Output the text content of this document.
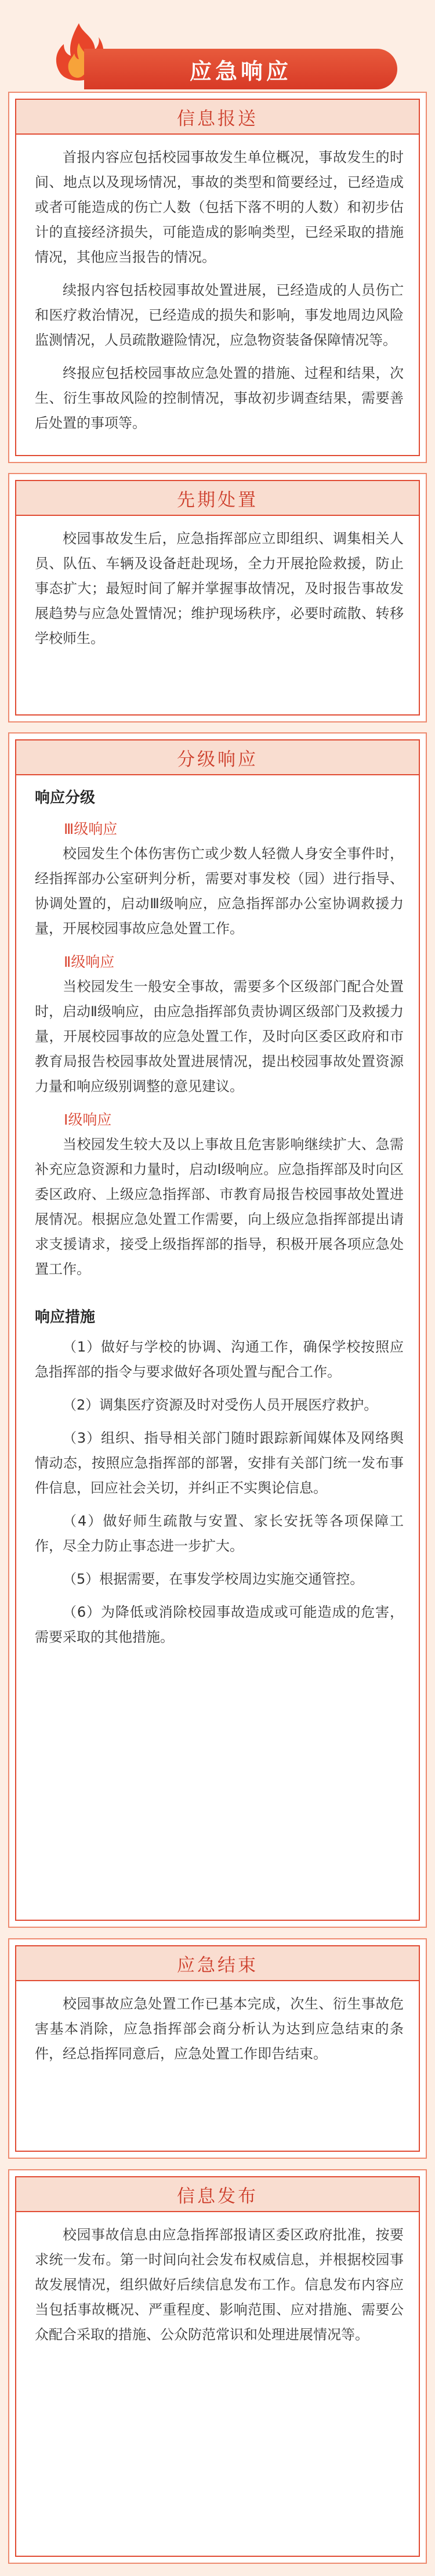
应急响应
信息报送

首报内容应包括校园事故发生单位概况，事故发生的时间、地点以及现场情况，事故的类型和简要经过，已经造成或者可能造成的伤亡人数（包括下落不明的人数）和初步估计的直接经济损失，可能造成的影响类型，已经采取的措施情况，其他应当报告的情况。

续报内容包括校园事故处置进展，已经造成的人员伤亡和医疗救治情况，已经造成的损失和影响，事发地周边风险监测情况，人员疏散避险情况，应急物资装备保障情况等。

终报应包括校园事故应急处置的措施、过程和结果，次生、衍生事故风险的控制情况，事故初步调查结果，需要善后处置的事项等。

先期处置

校园事故发生后，应急指挥部应立即组织、调集相关人员、队伍、车辆及设备赶赴现场，全力开展抢险救援，防止事态扩大；最短时间了解并掌握事故情况，及时报告事故发展趋势与应急处置情况；维护现场秩序，必要时疏散、转移学校师生。

分级响应
响应分级
Ⅲ级响应

校园发生个体伤害伤亡或少数人轻微人身安全事件时，经指挥部办公室研判分析，需要对事发校（园）进行指导、协调处置的，启动Ⅲ级响应，应急指挥部办公室协调救援力量，开展校园事故应急处置工作。

Ⅱ级响应

当校园发生一般安全事故，需要多个区级部门配合处置时，启动Ⅱ级响应，由应急指挥部负责协调区级部门及救援力量，开展校园事故的应急处置工作，及时向区委区政府和市教育局报告校园事故处置进展情况，提出校园事故处置资源力量和响应级别调整的意见建议。

Ⅰ级响应

当校园发生较大及以上事故且危害影响继续扩大、急需补充应急资源和力量时，启动Ⅰ级响应。应急指挥部及时向区委区政府、上级应急指挥部、市教育局报告校园事故处置进展情况。根据应急处置工作需要，向上级应急指挥部提出请求支援请求，接受上级指挥部的指导，积极开展各项应急处置工作。

响应措施

（1）做好与学校的协调、沟通工作，确保学校按照应急指挥部的指令与要求做好各项处置与配合工作。

（2）调集医疗资源及时对受伤人员开展医疗救护。

（3）组织、指导相关部门随时跟踪新闻媒体及网络舆情动态，按照应急指挥部的部署，安排有关部门统一发布事件信息，回应社会关切，并纠正不实舆论信息。

（4）做好师生疏散与安置、家长安抚等各项保障工作，尽全力防止事态进一步扩大。

（5）根据需要，在事发学校周边实施交通管控。

（6）为降低或消除校园事故造成或可能造成的危害，需要采取的其他措施。

应急结束

校园事故应急处置工作已基本完成，次生、衍生事故危害基本消除，应急指挥部会商分析认为达到应急结束的条件，经总指挥同意后，应急处置工作即告结束。

信息发布

校园事故信息由应急指挥部报请区委区政府批准，按要求统一发布。第一时间向社会发布权威信息，并根据校园事故发展情况，组织做好后续信息发布工作。信息发布内容应当包括事故概况、严重程度、影响范围、应对措施、需要公众配合采取的措施、公众防范常识和处理进展情况等。
